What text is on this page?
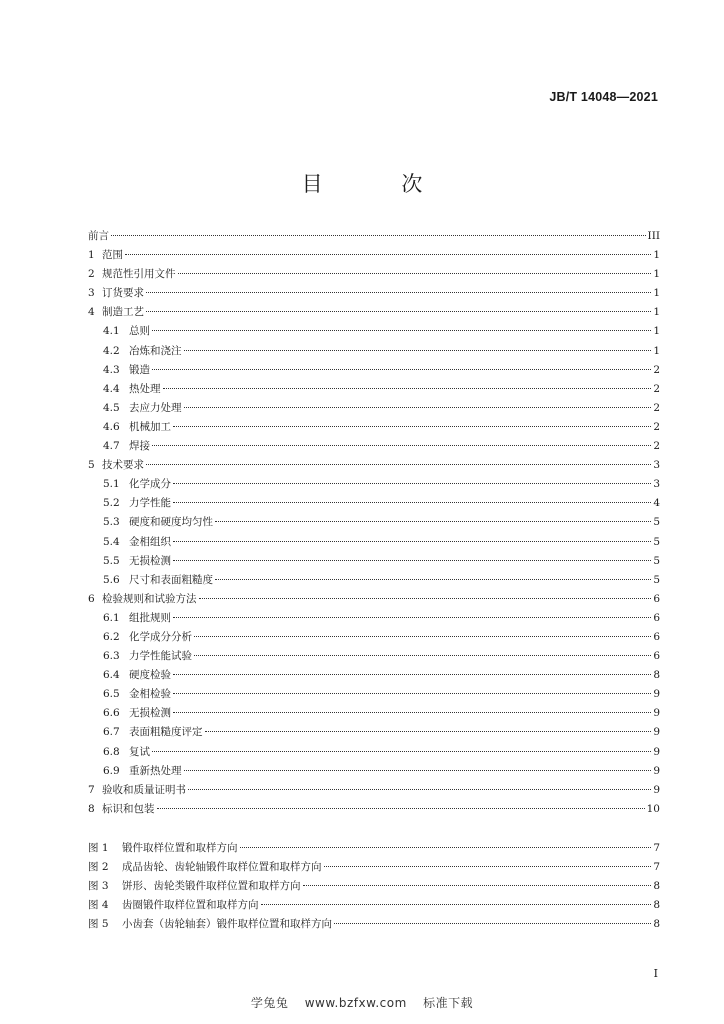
JB/T 14048—2021
目 次
前言	III
1 范围	1
2 规范性引用文件	1
3 订货要求	1
4 制造工艺	1
4.1 总则	1
4.2 冶炼和浇注	1
4.3 锻造	2
4.4 热处理	2
4.5 去应力处理	2
4.6 机械加工	2
4.7 焊接	2
5 技术要求	3
5.1 化学成分	3
5.2 力学性能	4
5.3 硬度和硬度均匀性	5
5.4 金相组织	5
5.5 无损检测	5
5.6 尺寸和表面粗糙度	5
6 检验规则和试验方法	6
6.1 组批规则	6
6.2 化学成分分析	6
6.3 力学性能试验	6
6.4 硬度检验	8
6.5 金相检验	9
6.6 无损检测	9
6.7 表面粗糙度评定	9
6.8 复试	9
6.9 重新热处理	9
7 验收和质量证明书	9
8 标识和包装	10
图 1	锻件取样位置和取样方向	7
图 2	成品齿轮、齿轮轴锻件取样位置和取样方向	7
图 3	饼形、齿轮类锻件取样位置和取样方向	8
图 4	齿圈锻件取样位置和取样方向	8
图 5	小齿套（齿轮轴套）锻件取样位置和取样方向	8
I
学兔兔 www.bzfxw.com 标准下载
